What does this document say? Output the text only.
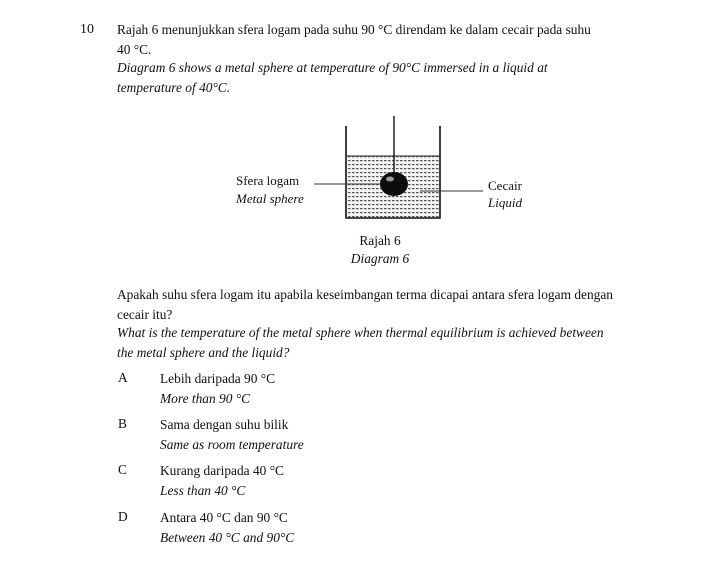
10 Rajah 6 menunjukkan sfera logam pada suhu 90 °C direndam ke dalam cecair pada suhu
40 °C.
Diagram 6 shows a metal sphere at temperature of 90°C immersed in a liquid at
temperature of 40°C.
Sfera logam
Metal sphere
Cecair
Liquid
Rajah 6
Diagram 6
Apakah suhu sfera logam itu apabila keseimbangan terma dicapai antara sfera logam dengan
cecair itu?
What is the temperature of the metal sphere when thermal equilibrium is achieved between
the metal sphere and the liquid?
A Lebih daripada 90 °C
More than 90 °C
B Sama dengan suhu bilik
Same as room temperature
C Kurang daripada 40 °C
Less than 40 °C
D Antara 40 °C dan 90 °C
Between 40 °C and 90°C
